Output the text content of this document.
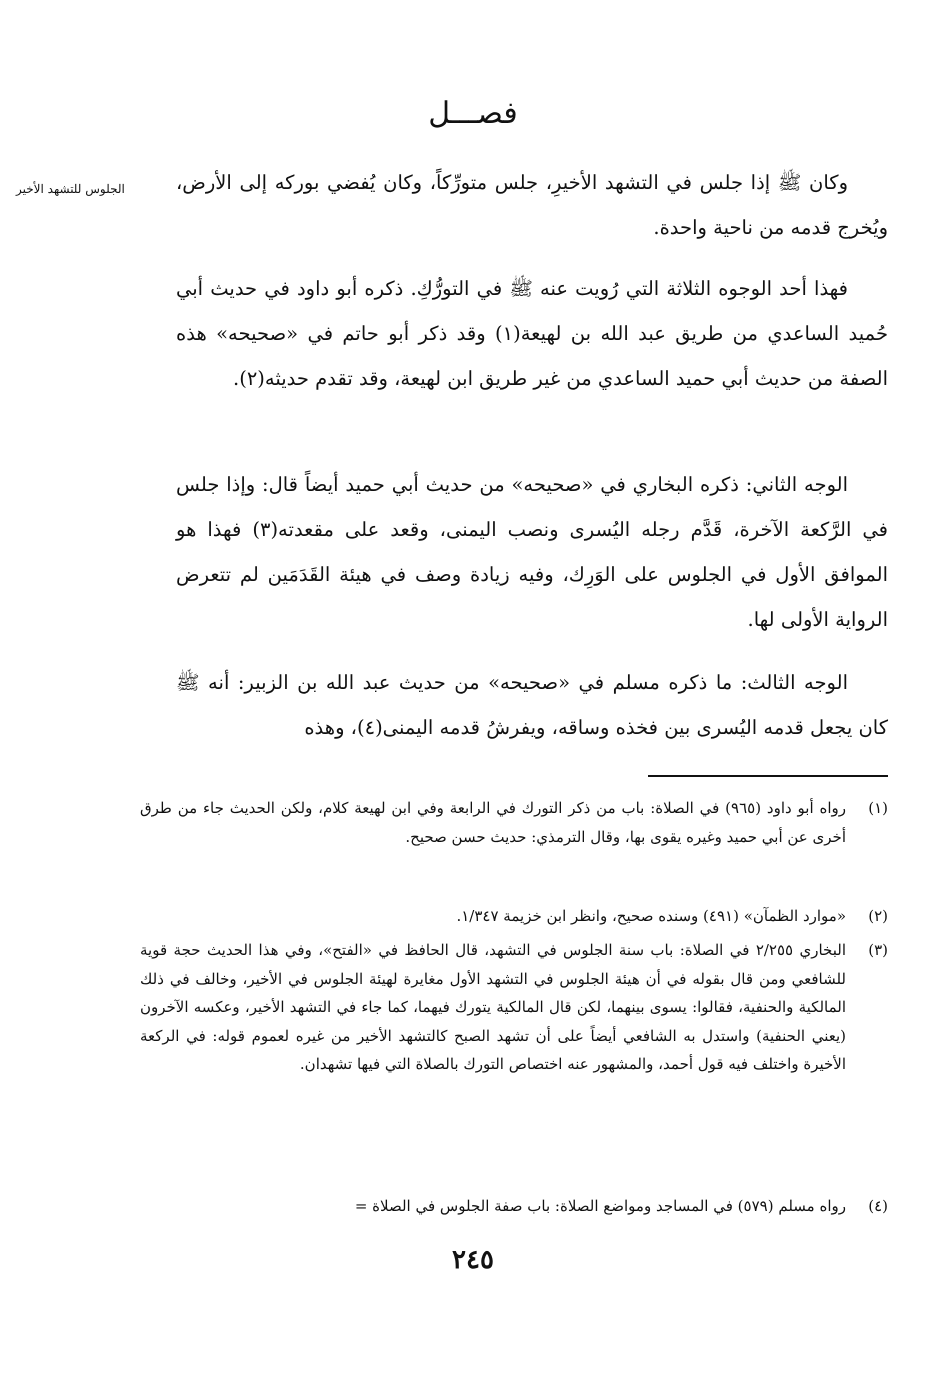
فصـــل
الجلوس للتشهد الأخير	وكان ﷺ إذا جلس في التشهد الأخيرِ، جلس متورِّكاً، وكان يُفضي بوركه إلى الأرض، ويُخرج قدمه من ناحية واحدة.

فهذا أحد الوجوه الثلاثة التي رُويت عنه ﷺ في التورُّكِ. ذكره أبو داود في حديث أبي حُميد الساعدي من طريق عبد الله بن لهيعة(١) وقد ذكر أبو حاتم في «صحيحه» هذه الصفة من حديث أبي حميد الساعدي من غير طريق ابن لهيعة، وقد تقدم حديثه(٢).

الوجه الثاني: ذكره البخاري في «صحيحه» من حديث أبي حميد أيضاً قال: وإذا جلس في الرَّكعة الآخرة، قَدَّم رجله اليُسرى ونصب اليمنى، وقعد على مقعدته(٣) فهذا هو الموافق الأول في الجلوس على الوَرِك، وفيه زيادة وصف في هيئة القَدَمَين لم تتعرض الرواية الأولى لها.

الوجه الثالث: ما ذكره مسلم في «صحيحه» من حديث عبد الله بن الزبير: أنه ﷺ كان يجعل قدمه اليُسرى بين فخذه وساقه، ويفرشُ قدمه اليمنى(٤)، وهذه

(١)
رواه أبو داود (٩٦٥) في الصلاة: باب من ذكر التورك في الرابعة وفي ابن لهيعة كلام، ولكن الحديث جاء من طرق أخرى عن أبي حميد وغيره يقوى بها، وقال الترمذي: حديث حسن صحيح.
(٢)
«موارد الظمآن» (٤٩١) وسنده صحيح، وانظر ابن خزيمة ١/٣٤٧.
(٣)
البخاري ٢/٢٥٥ في الصلاة: باب سنة الجلوس في التشهد، قال الحافظ في «الفتح»، وفي هذا الحديث حجة قوية للشافعي ومن قال بقوله في أن هيئة الجلوس في التشهد الأول مغايرة لهيئة الجلوس في الأخير، وخالف في ذلك المالكية والحنفية، فقالوا: يسوى بينهما، لكن قال المالكية يتورك فيهما، كما جاء في التشهد الأخير، وعكسه الآخرون (يعني الحنفية) واستدل به الشافعي أيضاً على أن تشهد الصبح كالتشهد الأخير من غيره لعموم قوله: في الركعة الأخيرة واختلف فيه قول أحمد، والمشهور عنه اختصاص التورك بالصلاة التي فيها تشهدان.
(٤)
رواه مسلم (٥٧٩) في المساجد ومواضع الصلاة: باب صفة الجلوس في الصلاة =
٢٤٥
